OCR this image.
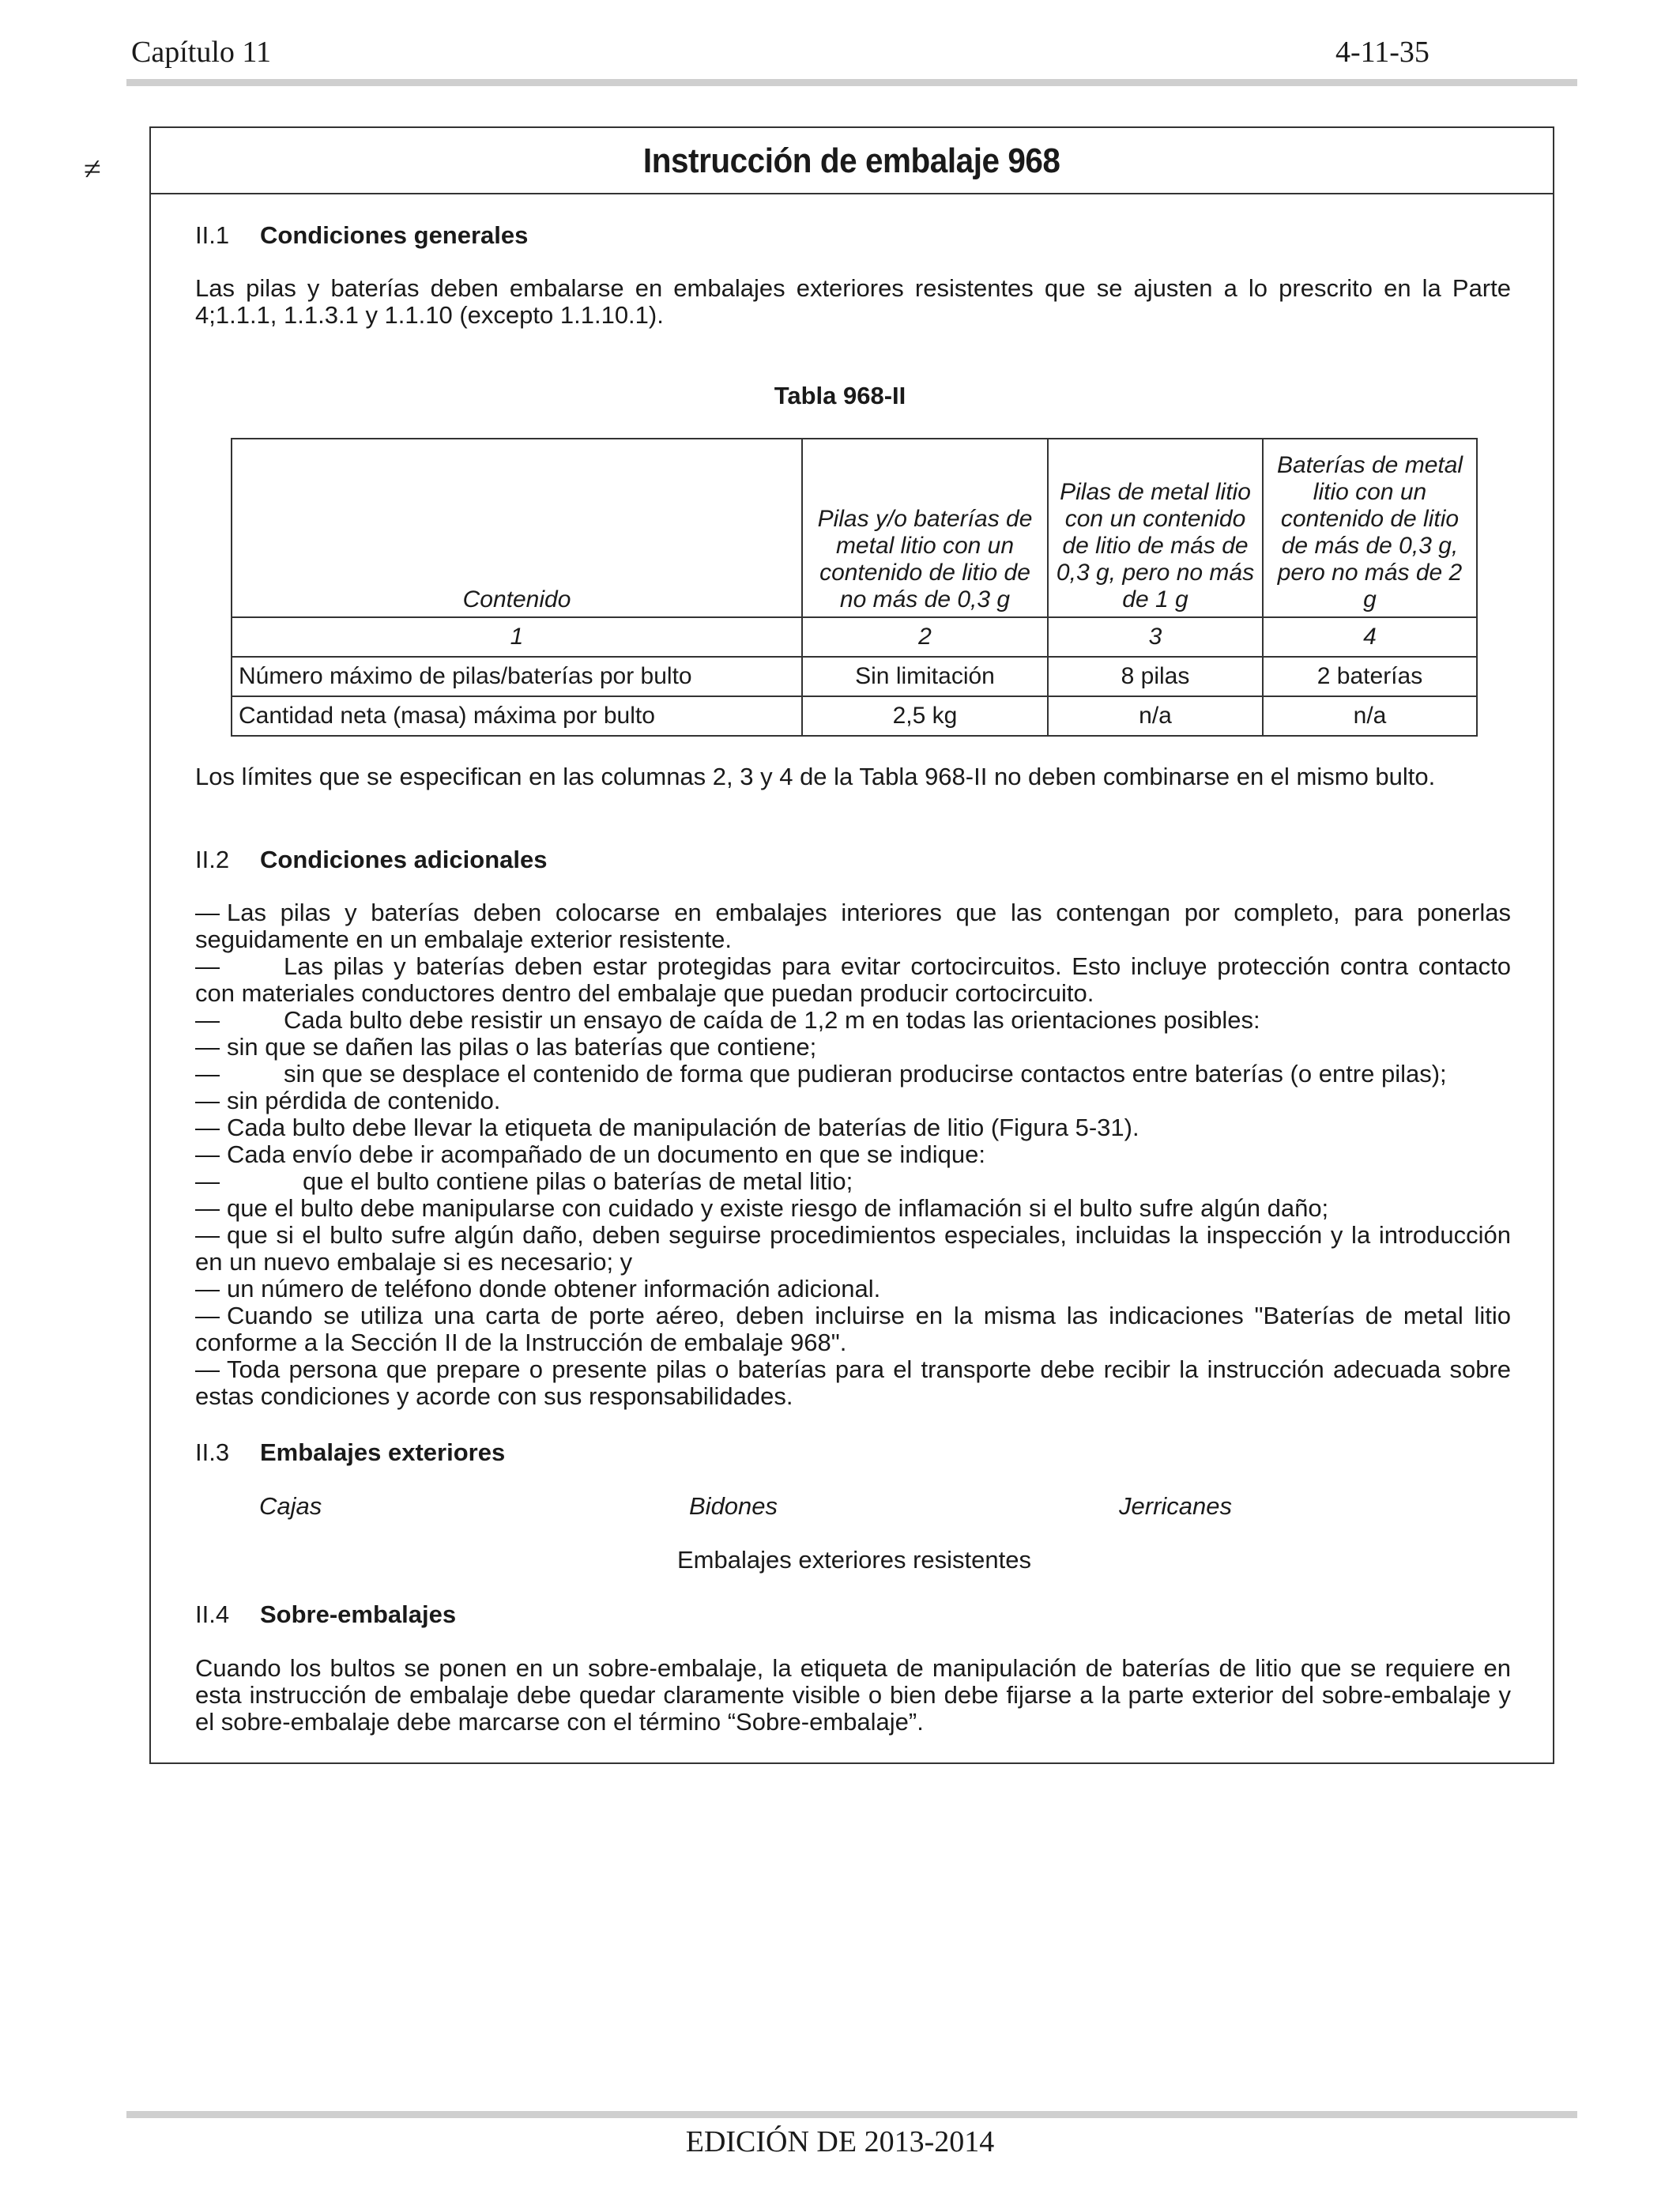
Capítulo 11	4-11-35
≠	Instrucción de embalaje 968
II.1 Condiciones generales
Las pilas y baterías deben embalarse en embalajes exteriores resistentes que se ajusten a lo prescrito en la Parte 4;1.1.1, 1.1.3.1 y 1.1.10 (excepto 1.1.10.1).
Tabla 968-II
Contenido	Pilas y/o baterías de metal litio con un contenido de litio de no más de 0,3 g	Pilas de metal litio con un contenido de litio de más de 0,3 g, pero no más de 1 g	Baterías de metal litio con un contenido de litio de más de 0,3 g, pero no más de 2 g
1	2	3	4
Número máximo de pilas/baterías por bulto	Sin limitación	8 pilas	2 baterías
Cantidad neta (masa) máxima por bulto	2,5 kg	n/a	n/a
Los límites que se especifican en las columnas 2, 3 y 4 de la Tabla 968-II no deben combinarse en el mismo bulto.
II.2 Condiciones adicionales
— Las pilas y baterías deben colocarse en embalajes interiores que las contengan por completo, para ponerlas seguidamente en un embalaje exterior resistente.
—	Las pilas y baterías deben estar protegidas para evitar cortocircuitos. Esto incluye protección contra contacto con materiales conductores dentro del embalaje que puedan producir cortocircuito.
—	Cada bulto debe resistir un ensayo de caída de 1,2 m en todas las orientaciones posibles:
— sin que se dañen las pilas o las baterías que contiene;
—	sin que se desplace el contenido de forma que pudieran producirse contactos entre baterías (o entre pilas);
— sin pérdida de contenido.
— Cada bulto debe llevar la etiqueta de manipulación de baterías de litio (Figura 5-31).
— Cada envío debe ir acompañado de un documento en que se indique:
—	que el bulto contiene pilas o baterías de metal litio;
— que el bulto debe manipularse con cuidado y existe riesgo de inflamación si el bulto sufre algún daño;
— que si el bulto sufre algún daño, deben seguirse procedimientos especiales, incluidas la inspección y la introducción en un nuevo embalaje si es necesario; y
— un número de teléfono donde obtener información adicional.
— Cuando se utiliza una carta de porte aéreo, deben incluirse en la misma las indicaciones "Baterías de metal litio conforme a la Sección II de la Instrucción de embalaje 968".
— Toda persona que prepare o presente pilas o baterías para el transporte debe recibir la instrucción adecuada sobre estas condiciones y acorde con sus responsabilidades.
II.3 Embalajes exteriores
Cajas	Bidones	Jerricanes
Embalajes exteriores resistentes
II.4 Sobre-embalajes
Cuando los bultos se ponen en un sobre-embalaje, la etiqueta de manipulación de baterías de litio que se requiere en esta instrucción de embalaje debe quedar claramente visible o bien debe fijarse a la parte exterior del sobre-embalaje y el sobre-embalaje debe marcarse con el término “Sobre-embalaje”.
EDICIÓN DE 2013-2014
